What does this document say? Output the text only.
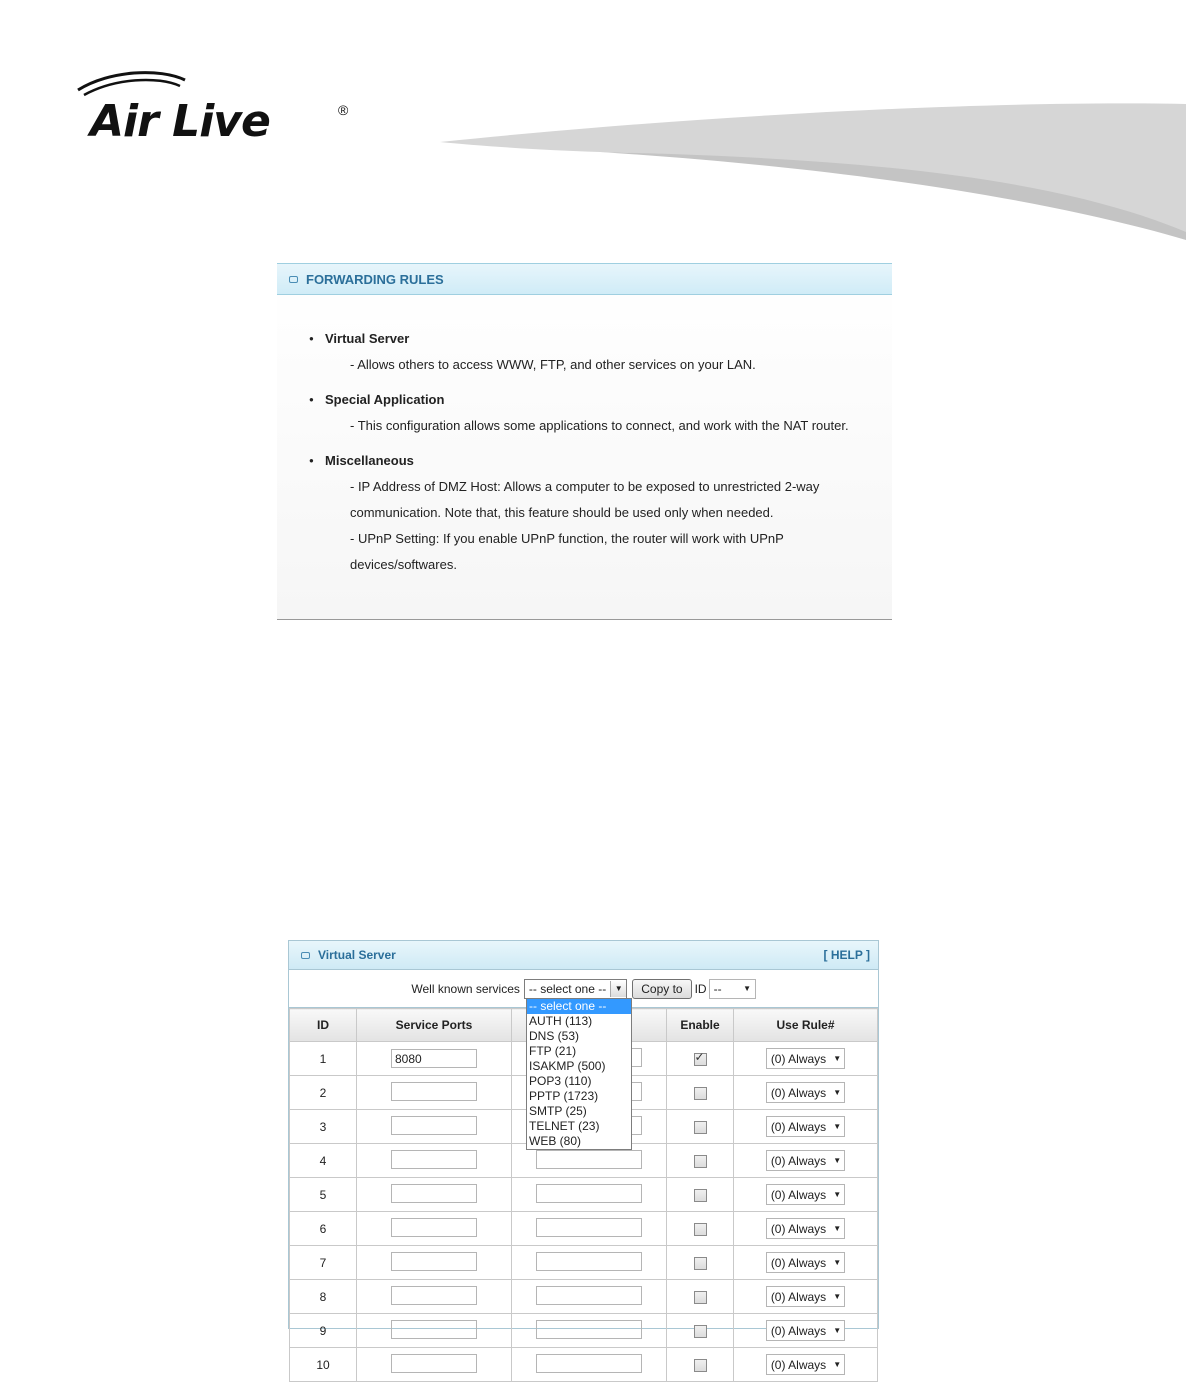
Air Live	®
FORWARDING RULES
● Virtual Server
- Allows others to access WWW, FTP, and other services on your LAN.
● Special Application
- This configuration allows some applications to connect, and work with the NAT router.
● Miscellaneous
- IP Address of DMZ Host: Allows a computer to be exposed to unrestricted 2-way
communication. Note that, this feature should be used only when needed.
- UPnP Setting: If you enable UPnP function, the router will work with UPnP
devices/softwares.
Virtual Server	[ HELP ]
Well known services -- select one --	▼	Copy to	ID --	▼
ID	Service Ports		Enable	Use Rule#
1	8080		✓	(0) Always ▼

2				(0) Always ▼

3				(0) Always ▼

4				(0) Always ▼

5				(0) Always ▼

6				(0) Always ▼

7				(0) Always ▼

8				(0) Always ▼

9				(0) Always ▼

10				(0) Always ▼
-- select one --
AUTH (113)
DNS (53)
FTP (21)
ISAKMP (500)
POP3 (110)
PPTP (1723)
SMTP (25)
TELNET (23)
WEB (80)
